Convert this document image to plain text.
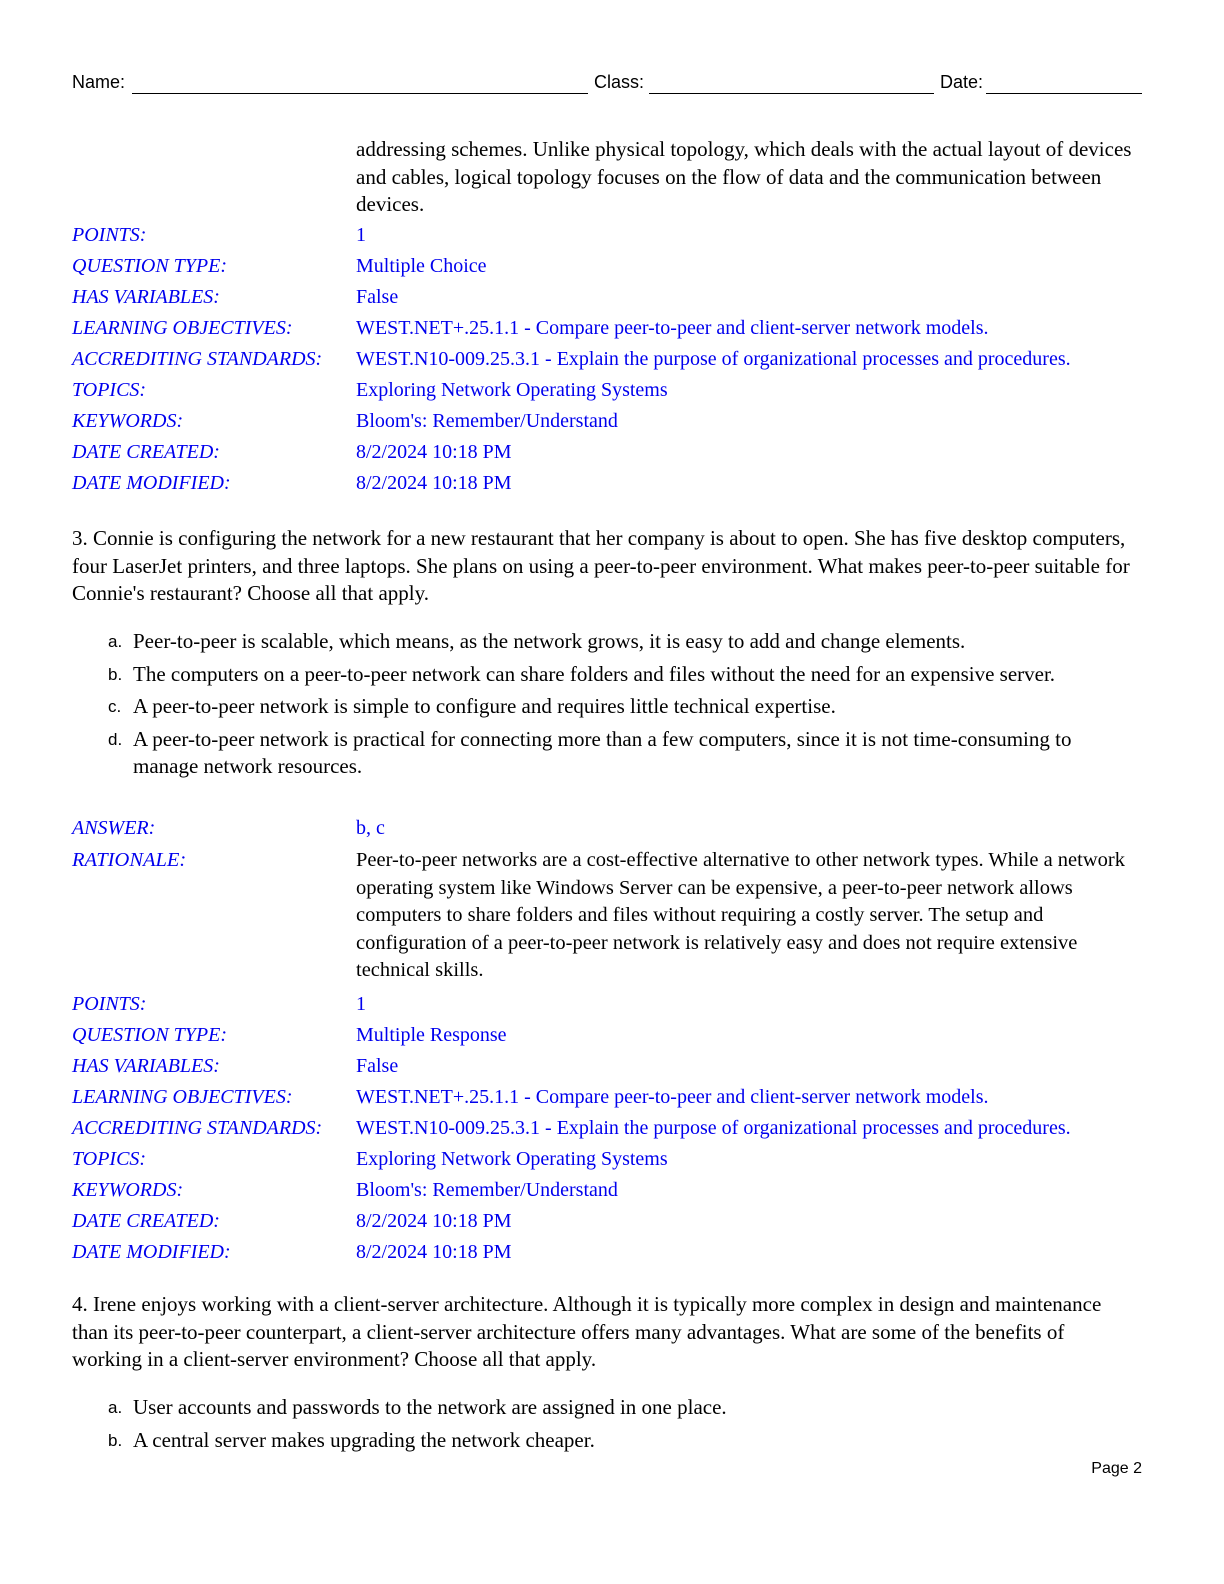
Name:	Class:	Date:
addressing schemes. Unlike physical topology, which deals with the actual layout of devices and cables, logical topology focuses on the flow of data and the communication between devices.
POINTS:	1
QUESTION TYPE:	Multiple Choice
HAS VARIABLES:	False
LEARNING OBJECTIVES:	WEST.NET+.25.1.1 - Compare peer-to-peer and client-server network models.
ACCREDITING STANDARDS: WEST.N10-009.25.3.1 - Explain the purpose of organizational processes and procedures.
TOPICS:	Exploring Network Operating Systems
KEYWORDS:	Bloom's: Remember/Understand
DATE CREATED:	8/2/2024 10:18 PM
DATE MODIFIED:	8/2/2024 10:18 PM
3. Connie is configuring the network for a new restaurant that her company is about to open. She has five desktop computers, four LaserJet printers, and three laptops. She plans on using a peer-to-peer environment. What makes peer-to-peer suitable for Connie's restaurant? Choose all that apply.
a. Peer-to-peer is scalable, which means, as the network grows, it is easy to add and change elements.
b. The computers on a peer-to-peer network can share folders and files without the need for an expensive server.
c. A peer-to-peer network is simple to configure and requires little technical expertise.
d. A peer-to-peer network is practical for connecting more than a few computers, since it is not time-consuming to manage network resources.
ANSWER:	b, c
RATIONALE:	Peer-to-peer networks are a cost-effective alternative to other network types. While a network operating system like Windows Server can be expensive, a peer-to-peer network allows computers to share folders and files without requiring a costly server. The setup and configuration of a peer-to-peer network is relatively easy and does not require extensive technical skills.
POINTS:	1
QUESTION TYPE:	Multiple Response
HAS VARIABLES:	False
LEARNING OBJECTIVES:	WEST.NET+.25.1.1 - Compare peer-to-peer and client-server network models.
ACCREDITING STANDARDS: WEST.N10-009.25.3.1 - Explain the purpose of organizational processes and procedures.
TOPICS:	Exploring Network Operating Systems
KEYWORDS:	Bloom's: Remember/Understand
DATE CREATED:	8/2/2024 10:18 PM
DATE MODIFIED:	8/2/2024 10:18 PM
4. Irene enjoys working with a client-server architecture. Although it is typically more complex in design and maintenance than its peer-to-peer counterpart, a client-server architecture offers many advantages. What are some of the benefits of working in a client-server environment? Choose all that apply.
a. User accounts and passwords to the network are assigned in one place.
b. A central server makes upgrading the network cheaper.
Page 2
